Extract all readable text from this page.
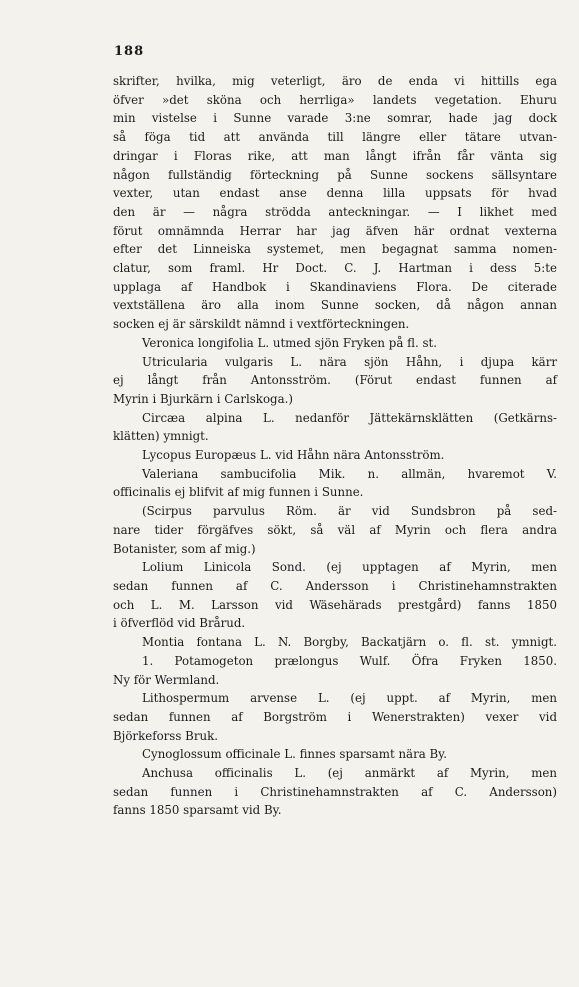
188
skrifter, hvilka, mig veterligt, äro de enda vi hittills ega
öfver »det sköna och herrliga» landets vegetation. Ehuru
min vistelse i Sunne varade 3:ne somrar, hade jag dock
så föga tid att använda till längre eller tätare utvan-
dringar i Floras rike, att man långt ifrån får vänta sig
någon fullständig förteckning på Sunne sockens sällsyntare
vexter, utan endast anse denna lilla uppsats för hvad
den är — några strödda anteckningar. — I likhet med
förut omnämnda Herrar har jag äfven här ordnat vexterna
efter det Linneiska systemet, men begagnat samma nomen-
clatur, som framl. Hr Doct. C. J. Hartman i dess 5:te
upplaga af Handbok i Skandinaviens Flora. De citerade
vextställena äro alla inom Sunne socken, då någon annan
socken ej är särskildt nämnd i vextförteckningen.
Veronica longifolia L. utmed sjön Fryken på fl. st.
Utricularia vulgaris L. nära sjön Håhn, i djupa kärr
ej långt från Antonsström. (Förut endast funnen af
Myrin i Bjurkärn i Carlskoga.)
Circæa alpina L. nedanför Jättekärnsklätten (Getkärns-
klätten) ymnigt.
Lycopus Europæus L. vid Håhn nära Antonsström.
Valeriana sambucifolia Mik. n. allmän, hvaremot V.
officinalis ej blifvit af mig funnen i Sunne.
(Scirpus parvulus Röm. är vid Sundsbron på sed-
nare tider förgäfves sökt, så väl af Myrin och flera andra
Botanister, som af mig.)
Lolium Linicola Sond. (ej upptagen af Myrin, men
sedan funnen af C. Andersson i Christinehamnstrakten
och L. M. Larsson vid Wäsehärads prestgård) fanns 1850
i öfverflöd vid Brårud.
Montia fontana L. N. Borgby, Backatjärn o. fl. st. ymnigt.
1. Potamogeton prælongus Wulf. Öfra Fryken 1850.
Ny för Wermland.
Lithospermum arvense L. (ej uppt. af Myrin, men
sedan funnen af Borgström i Wenerstrakten) vexer vid
Björkeforss Bruk.
Cynoglossum officinale L. finnes sparsamt nära By.
Anchusa officinalis L. (ej anmärkt af Myrin, men
sedan funnen i Christinehamnstrakten af C. Andersson)
fanns 1850 sparsamt vid By.
